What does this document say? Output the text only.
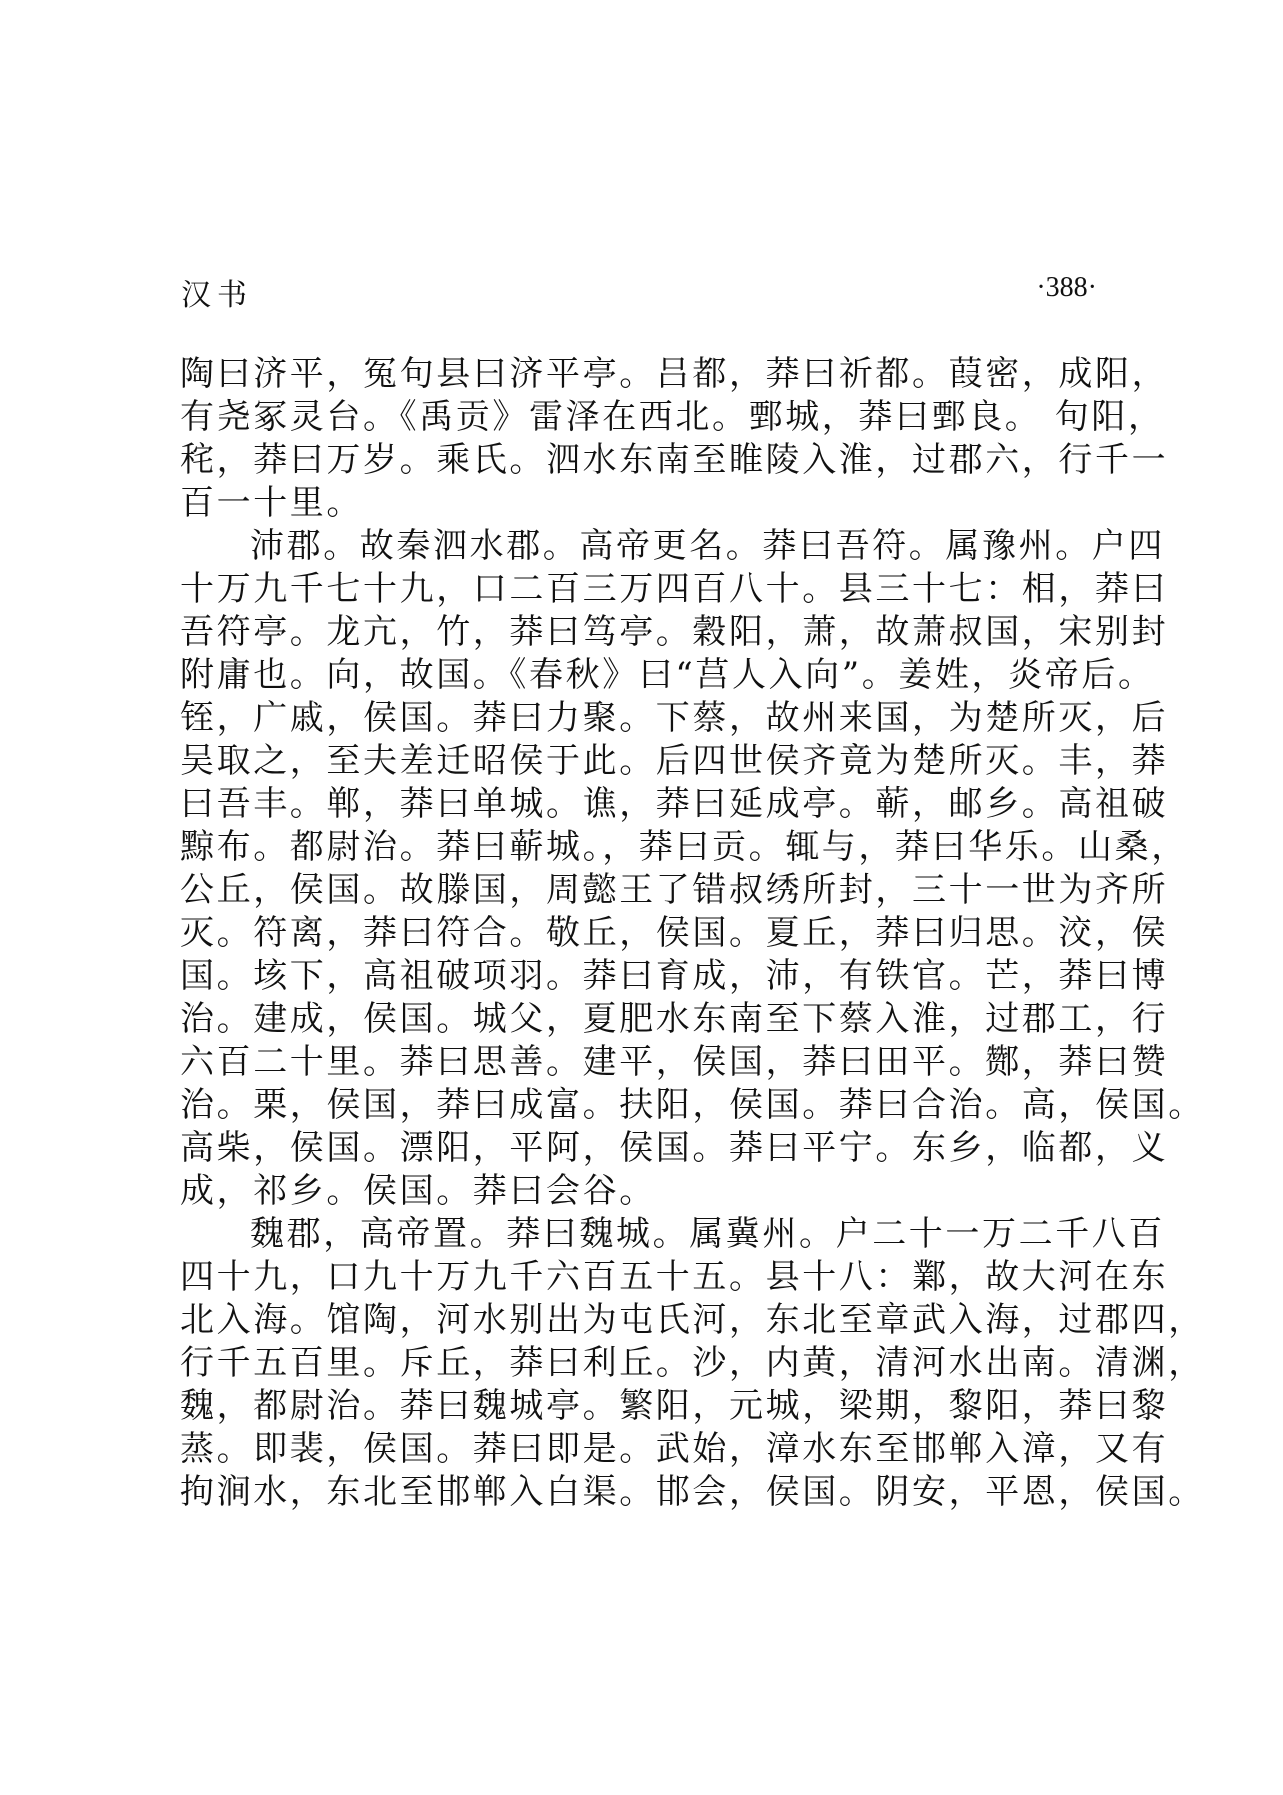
汉书	·388·
陶曰济平，冤句县曰济平亭。吕都，莽曰祈都。葭密，成阳，
有尧冢灵台。《禹贡》雷泽在西北。鄄城，莽曰鄄良。 句阳，
秺，莽曰万岁。乘氏。泗水东南至睢陵入淮，过郡六，行千一
百一十里。
沛郡。故秦泗水郡。高帝更名。莽曰吾符。属豫州。户四
十万九千七十九，口二百三万四百八十。县三十七：相，莽曰
吾符亭。龙亢，竹，莽曰笃亭。穀阳，萧，故萧叔国，宋别封
附庸也。向，故国。《春秋》曰“莒人入向”。姜姓，炎帝后。
铚，广戚，侯国。莽曰力聚。下蔡，故州来国，为楚所灭，后
吴取之，至夫差迁昭侯于此。后四世侯齐竟为楚所灭。丰，莽
曰吾丰。郸，莽曰单城。谯，莽曰延成亭。蕲，邮乡。高祖破
黥布。都尉治。莽曰蕲城。，莽曰贡。辄与，莽曰华乐。山桑，
公丘，侯国。故滕国，周懿王了错叔绣所封，三十一世为齐所
灭。符离，莽曰符合。敬丘，侯国。夏丘，莽曰归思。洨，侯
国。垓下，高祖破项羽。莽曰育成，沛，有铁官。芒，莽曰博
治。建成，侯国。城父，夏肥水东南至下蔡入淮，过郡工，行
六百二十里。莽曰思善。建平，侯国，莽曰田平。酂，莽曰赞
治。栗，侯国，莽曰成富。扶阳，侯国。莽曰合治。高，侯国。
高柴，侯国。漂阳，平阿，侯国。莽曰平宁。东乡，临都，义
成，祁乡。侯国。莽曰会谷。
魏郡，高帝置。莽曰魏城。属冀州。户二十一万二千八百
四十九，口九十万九千六百五十五。县十八：鄴，故大河在东
北入海。馆陶，河水别出为屯氏河，东北至章武入海，过郡四，
行千五百里。斥丘，莽曰利丘。沙，内黄，清河水出南。清渊，
魏，都尉治。莽曰魏城亭。繁阳，元城，梁期，黎阳，莽曰黎
蒸。即裴，侯国。莽曰即是。武始，漳水东至邯郸入漳，又有
拘涧水，东北至邯郸入白渠。邯会，侯国。阴安，平恩，侯国。
